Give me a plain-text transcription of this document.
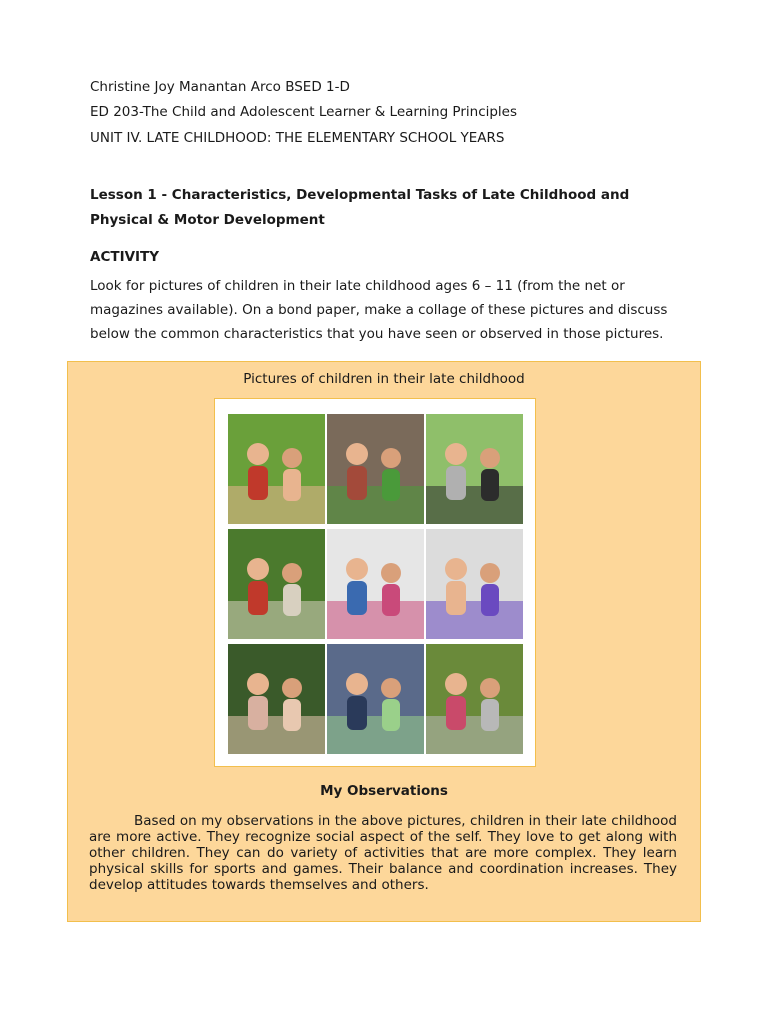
Christine Joy Manantan Arco BSED 1-D
ED 203-The Child and Adolescent Learner & Learning Principles
UNIT IV. LATE CHILDHOOD: THE ELEMENTARY SCHOOL YEARS
Lesson 1 - Characteristics, Developmental Tasks of Late Childhood and
Physical & Motor Development
ACTIVITY
Look for pictures of children in their late childhood ages 6 – 11 (from the net or magazines available). On a bond paper, make a collage of these pictures and discuss below the common characteristics that you have seen or observed in those pictures.
Pictures of children in their late childhood
My Observations
Based on my observations in the above pictures, children in their late childhood are more active. They recognize social aspect of the self. They love to get along with other children. They can do variety of activities that are more complex. They learn physical skills for sports and games. Their balance and coordination increases. They develop attitudes towards themselves and others.
